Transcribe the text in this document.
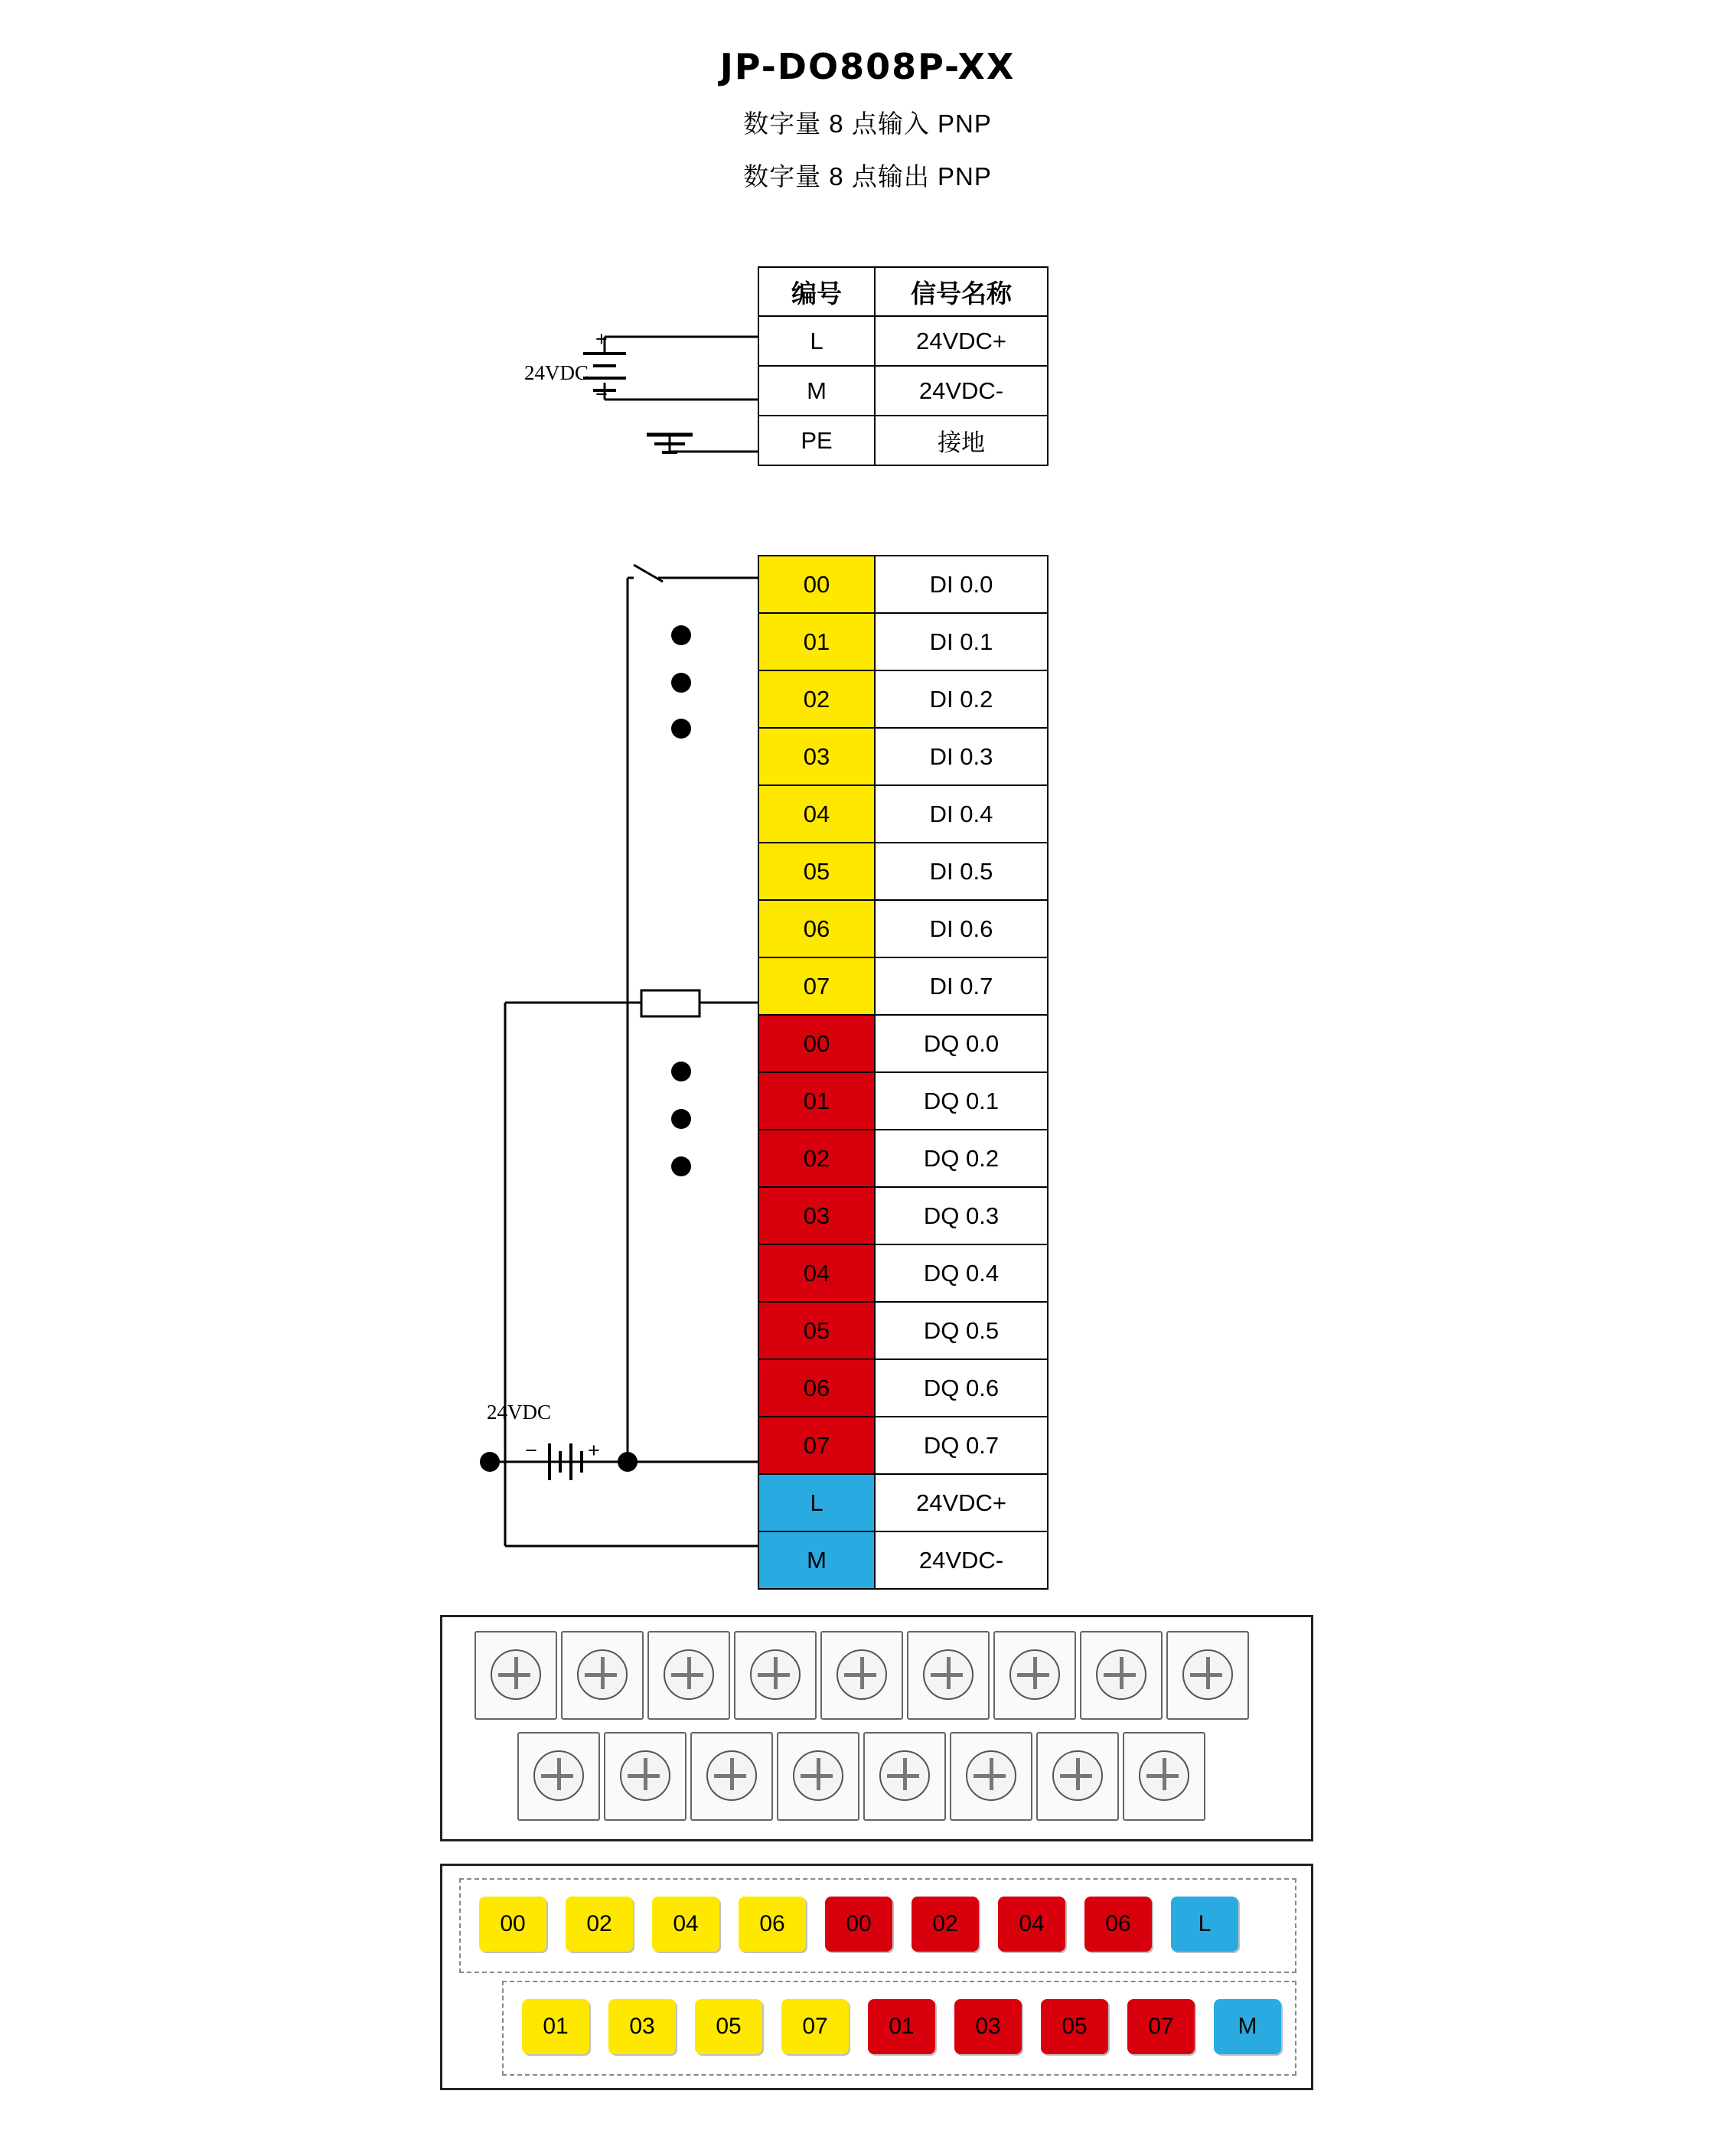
JP-DO808P-XX
数字量 8 点输入 PNP
数字量 8 点输出 PNP
24VDC
+
−
24VDC
− +
编号	信号名称
L	24VDC+
M	24VDC-
PE	接地
00	DI 0.0
01	DI 0.1
02	DI 0.2
03	DI 0.3
04	DI 0.4
05	DI 0.5
06	DI 0.6
07	DI 0.7
00	DQ 0.0
01	DQ 0.1
02	DQ 0.2
03	DQ 0.3
04	DQ 0.4
05	DQ 0.5
06	DQ 0.6
07	DQ 0.7
L	24VDC+
M	24VDC-
00	02	04	06	00	02	04	06	L
01	03	05	07	01	03	05	07	M
